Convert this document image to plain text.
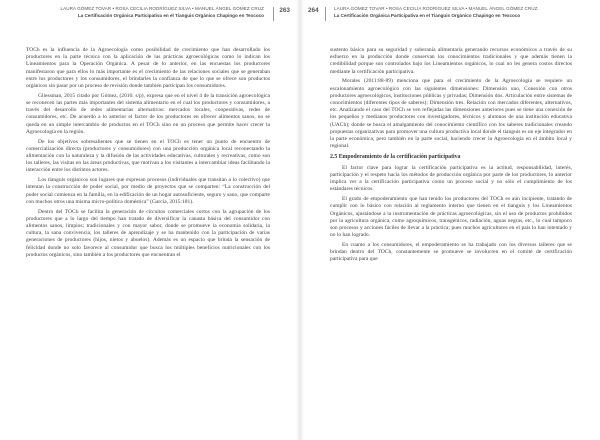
LAURA GÓMEZ TOVAR • ROSA CECILIA RODRÍGUEZ SILVA • MANUEL ÁNGEL GÓMEZ CRUZ
La Certificación Orgánica Participativa en el Tianguis Orgánico Chapingo en Texcoco
263

TOCh es la influencia de la Agroecología como posibilidad de crecimiento que han desarrollado los productores en la parte técnica con la aplicación de las prácticas agroecológicas como lo indican los Lineamientos para la Operación Orgánica. A pesar de lo anterior, en las encuestas los productores manifestaron que para ellos lo más importante es el crecimiento de las relaciones sociales que se generaban entre los productores y los consumidores, el brindarles la confianza de que lo que se ofrece son productos orgánicos sin pasar por un proceso de revisión donde también participan los consumidores.

Gliessman, 2015 citado por Gómez, (2016: s/p), expresa que en el nivel 4 de la transición agroecológica se reconecen las partes más importantes del sistema alimentario en el cual los productores y consumidores, a través del desarrollo de redes alimentarias alternativas: mercados locales, cooperativas, redes de consumidores, etc. De acuerdo a lo anterior el factor de los productores en ofrecer alimentos sanos, no se queda en un simple intercambio de productos en el TOCh sino en un proceso que permite hacer crecer la Agroecología en la región.

De los objetivos sobresalientes que se tienen en el TOCh es tener un punto de encuentro de comercialización directa (productores y consumidores) con una producción orgánica local reconectando la alimentación con la naturaleza y la difusión de las actividades educativas, culturales y recreativas, como son los talleres, las visitas en las áreas productivas, que motivan a los visitantes a intercambiar ideas facilitando la interacción entre los distintos actores.

Los tianguis orgánicos son lugares que expresan procesos (individuales que transitan a lo colectivo) que intentan la construcción de poder social, por medio de proyectos que se comparten: “La construcción del poder social comienza en la familia, en la edificación de un hogar autosuficiente, seguro y sano, que comparte con muchos otros una misma micro-política doméstica” (García, 2015:181).

Dentro del TOCh se facilita la generación de circuitos comerciales cortos con la agrupación de los productores que a lo largo del tiempo han tratado de diversificar la canasta básica del consumidor con alimentos sanos, limpios; tradicionales y con mayor sabor, donde se promueve la economía solidaria, la cultura, la sana convivencia, los talleres de aprendizaje y se ha mantenido con la participación de varias generaciones de productores (hijos, nietos y abuelos). Además es un espacio que brinda la sensación de felicidad donde no solo favorece al consumidor que busca los múltiples beneficios nutricionales con los productos orgánicos, sino también a los productores que encuentran el

264	LAURA GÓMEZ TOVAR • ROSA CECILIA RODRÍGUEZ SILVA • MANUEL ÁNGEL GÓMEZ CRUZ
La Certificación Orgánica Participativa en el Tianguis Orgánico Chapingo en Texcoco

sustento básico para su seguridad y soberanía alimentaria generando recursos económicos a través de su esfuerzo en la producción donde conservan los conocimientos tradicionales y que además tienen la credibilidad porque son controlados bajo los Lineamientos orgánicos, lo cual no les genera costos directos mediante la certificación participativa.

Morales (2011:88-89) menciona que para el crecimiento de la Agroecología se requiere un escalonamiento agroecológico con las siguientes dimensiones: Dimensión uno, Conexión con otros productores agroecológicos, instituciones públicas y privadas; Dimensión dos. Articulación entre sistemas de conocimientos (diferentes tipos de saberes); Dimensión tres. Relación con mercados diferentes, alternativos, etc. Analizando el caso del TOCh se ven reflejadas las dimensiones anteriores pues se tiene una conexión de los pequeños y medianos productores con investigadores, técnicos y alumnos de una institución educativa (UACh); donde se busca el amalgamiento del conocimiento científico con los saberes tradicionales creando propuestas organizativas para promover una cultura productiva local donde el tianguis es un eje integrador en la parte económica, pero también en la parte social, haciendo crecer la Agroecología en el ámbito local y regional.

2.5 Empoderamiento de la certificación participativa

El factor clave para lograr la certificación participativa es la actitud, responsabilidad, interés, participación y el respeto hacia los métodos de producción orgánica por parte de los productores, lo anterior implica ver a la certificación participativa como un proceso social y no sólo el cumplimiento de los estándares técnicos.

El grado de empoderamiento que han tenido los productores del TOCh es aún incipiente, tratando de cumplir con lo básico con relación al reglamento interno que tienen en el tianguis y los Lineamientos Orgánicos, ajustándose a la instrumentación de prácticas agroecológicas, sin el uso de productos prohibidos por la agricultura orgánica, como agroquímicos, transgénicos, radiación, aguas negras, etc., lo cual tampoco son procesos y acciones fáciles de llevar a la práctica; pues muchos agricultores en el país lo han intentado y no lo han logrado.

En cuanto a los consumidores, el empoderamiento se ha trabajado con los diversos talleres que se brindan dentro del TOCh, constantemente se promueve se involucren en el comité de certificación participativa para que
